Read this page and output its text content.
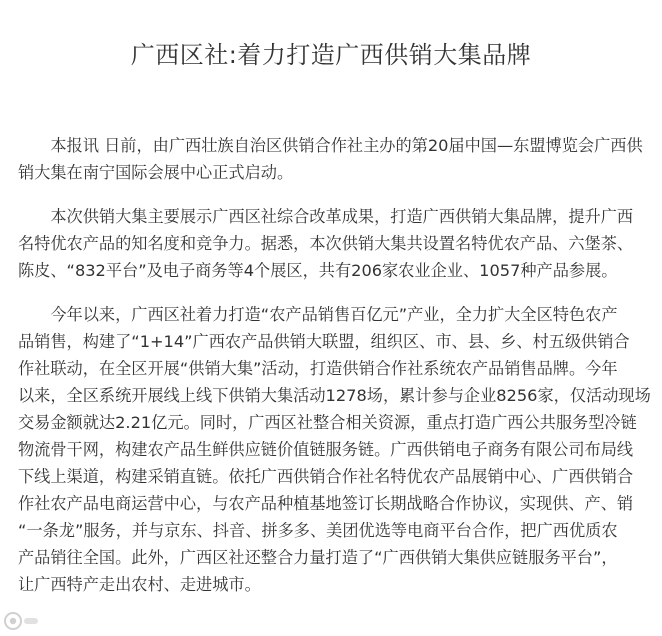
广西区社:着力打造广西供销大集品牌

　　本报讯 日前，由广西壮族自治区供销合作社主办的第20届中国—东盟博览会广西供
销大集在南宁国际会展中心正式启动。

　　本次供销大集主要展示广西区社综合改革成果，打造广西供销大集品牌，提升广西
名特优农产品的知名度和竞争力。据悉，本次供销大集共设置名特优农产品、六堡茶、
陈皮、“832平台”及电子商务等4个展区，共有206家农业企业、1057种产品参展。

　　今年以来，广西区社着力打造“农产品销售百亿元”产业，全力扩大全区特色农产
品销售，构建了“1+14”广西农产品供销大联盟，组织区、市、县、乡、村五级供销合
作社联动，在全区开展“供销大集”活动，打造供销合作社系统农产品销售品牌。今年
以来，全区系统开展线上线下供销大集活动1278场，累计参与企业8256家，仅活动现场
交易金额就达2.21亿元。同时，广西区社整合相关资源，重点打造广西公共服务型冷链
物流骨干网，构建农产品生鲜供应链价值链服务链。广西供销电子商务有限公司布局线
下线上渠道，构建采销直链。依托广西供销合作社名特优农产品展销中心、广西供销合
作社农产品电商运营中心，与农产品种植基地签订长期战略合作协议，实现供、产、销
“一条龙”服务，并与京东、抖音、拼多多、美团优选等电商平台合作，把广西优质农
产品销往全国。此外，广西区社还整合力量打造了“广西供销大集供应链服务平台”，
让广西特产走出农村、走进城市。
